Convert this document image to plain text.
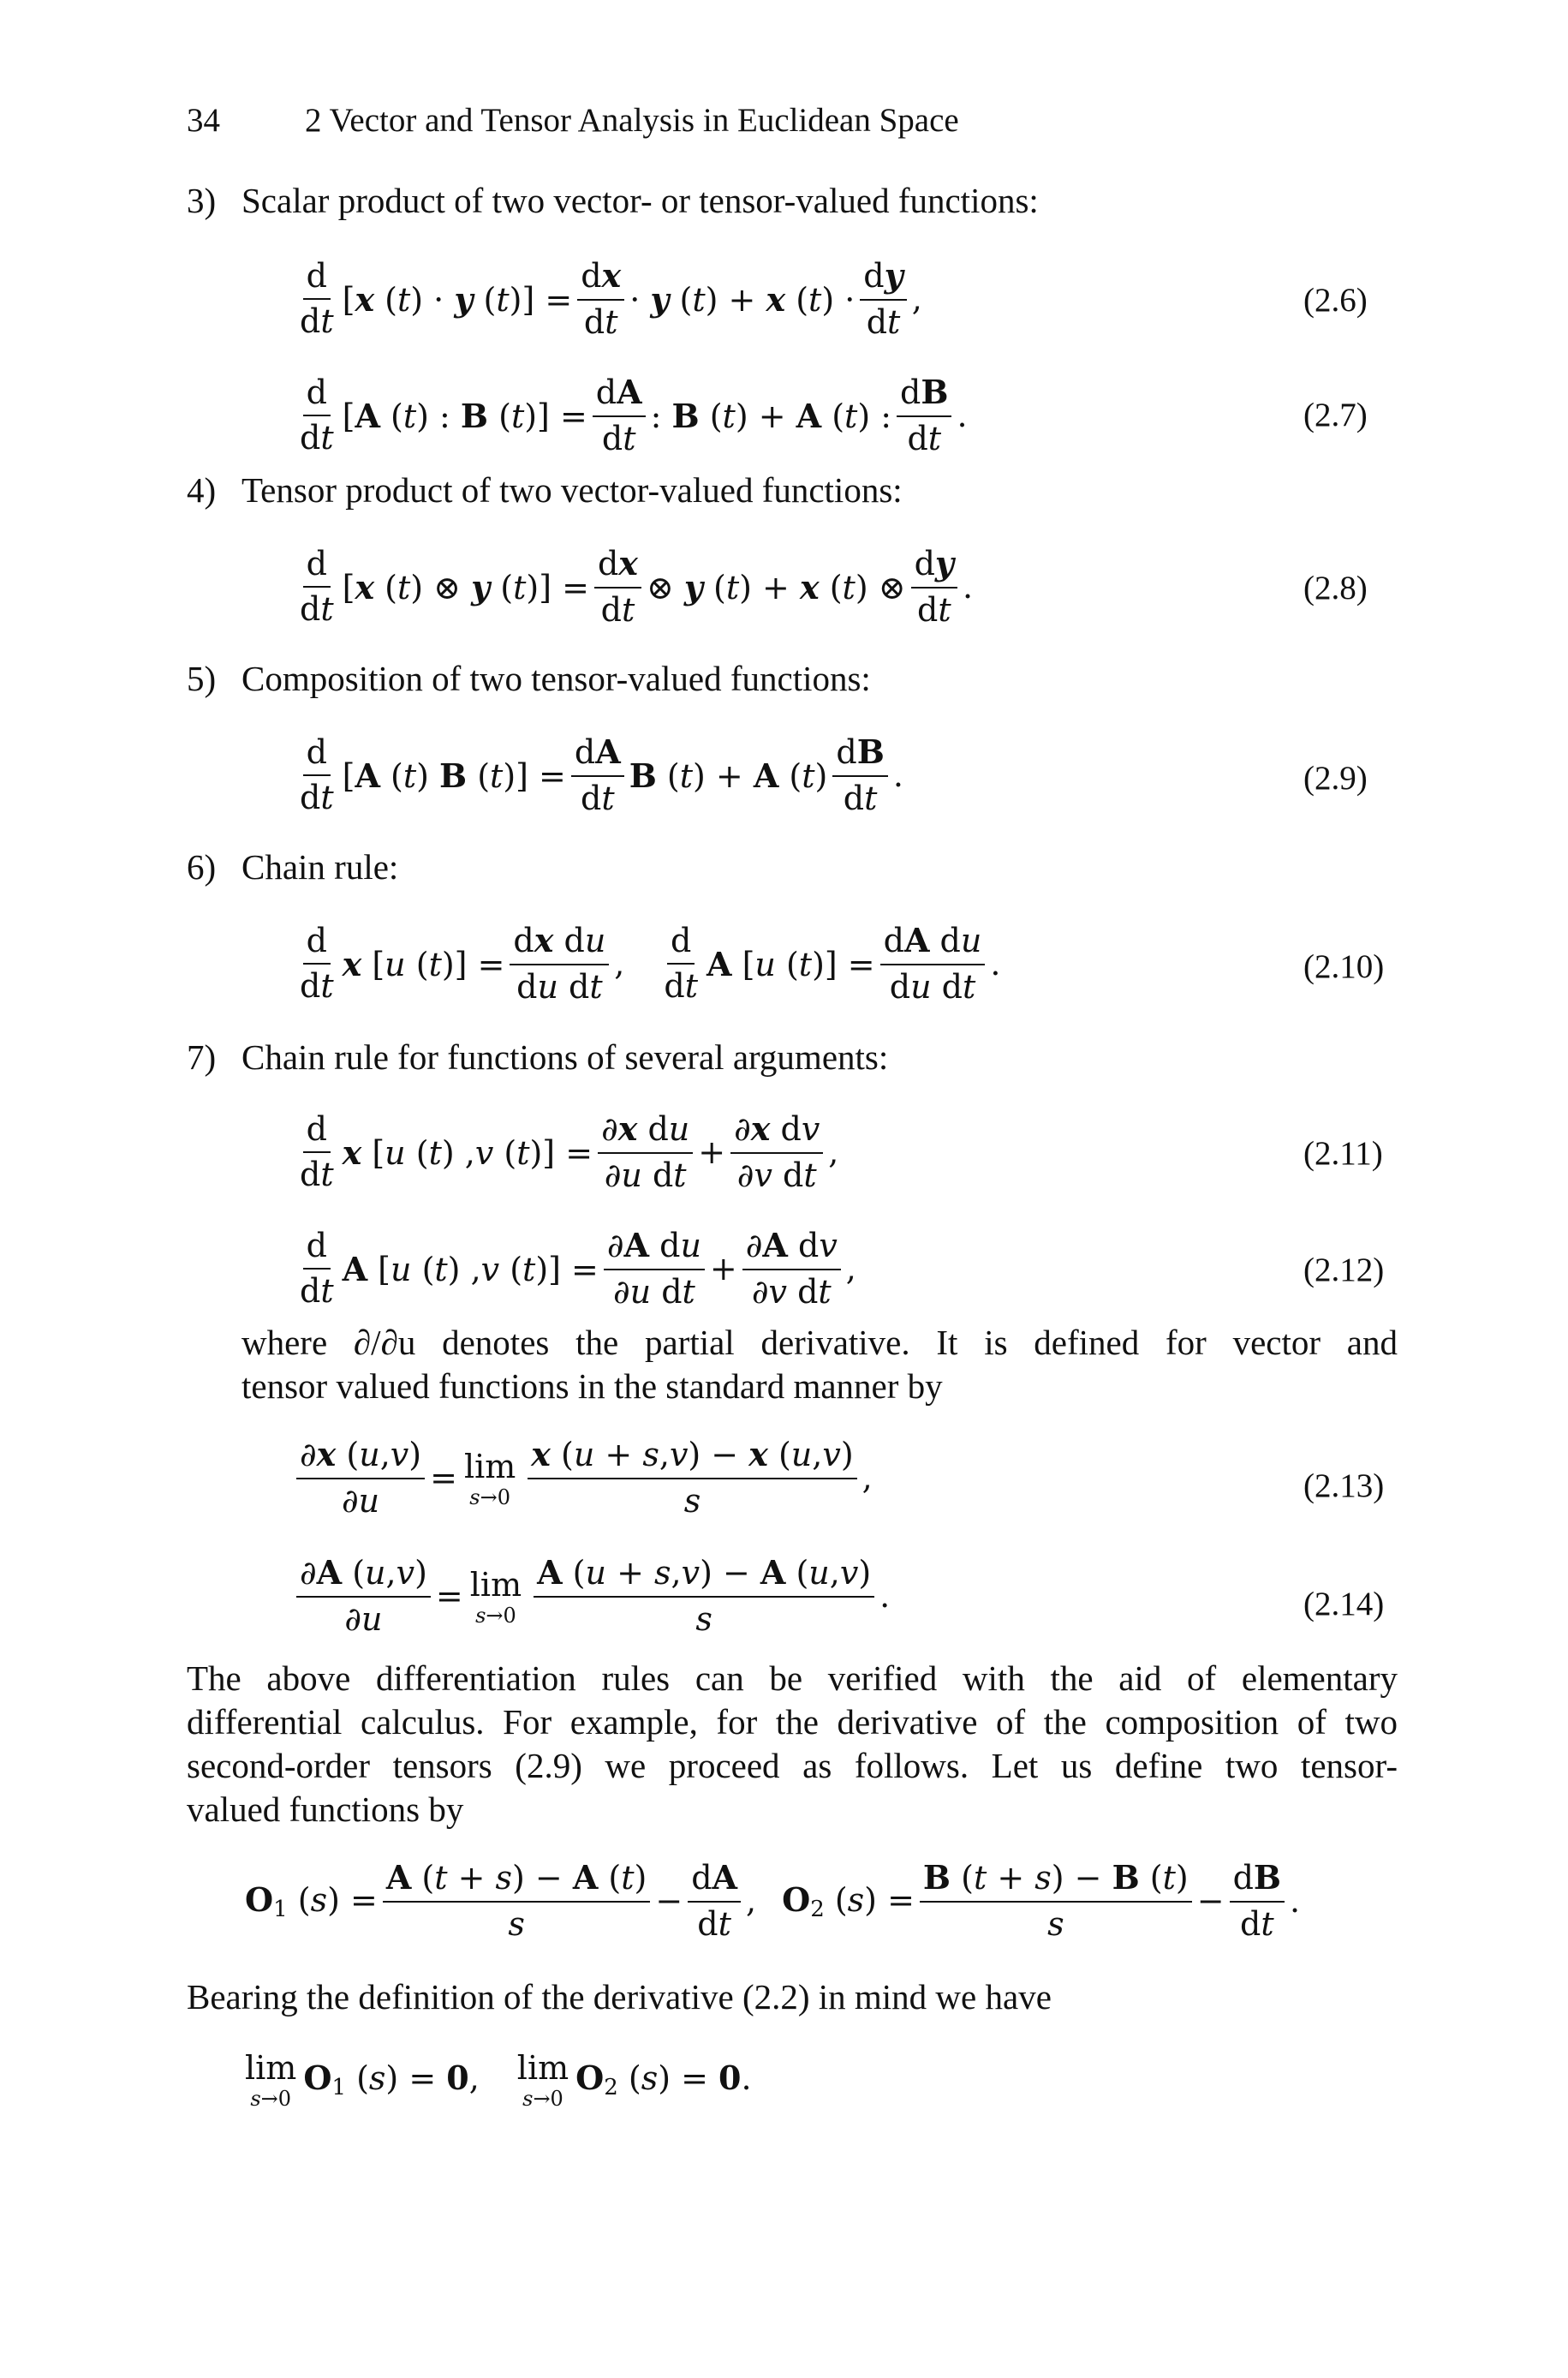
34	2 Vector and Tensor Analysis in Euclidean Space
3) Scalar product of two vector- or tensor-valued functions:
$\frac{d}{dt} [x$ (t) · y $(t)] = \frac{dx}{dt} \cdot y$ (t) + x $(t) \cdot \frac{dy}{dt}$ ,	(2.6)
$\frac{d}{dt} [A$ (t) : B $(t)] = \frac{dA}{dt}$ : B (t) + A (t) : $\frac{dB}{dt}$ .	(2.7)
4) Tensor product of two vector-valued functions:
$\frac{d}{dt} [x$ (t) ⊗ y $(t)] = \frac{dx}{dt}$ ⊗ y (t) + x (t) ⊗ $\frac{dy}{dt}$ .	(2.8)
5) Composition of two tensor-valued functions:
$\frac{d}{dt} [A$ (t) B $(t)] = \frac{dA}{dt}$ B (t) + A $(t) \frac{dB}{dt}$ .	(2.9)
6) Chain rule:
$\frac{d}{dt}$ x [u $(t)] = \frac{\text{dx du}}{\text{du dt}}$ , $\frac{d}{dt}$ A [u $(t)] = \frac{\text{dA du}}{\text{du dt}}$ .	(2.10)
7) Chain rule for functions of several arguments:
$\frac{d}{dt}$ x [u (t) ,v $(t)] = \frac{\text{∂x du}}{\text{∂u dt}} + \frac{\text{∂x dv}}{\text{∂v dt}}$ ,	(2.11)
$\frac{d}{dt}$ A [u (t) ,v $(t)] = \frac{\text{∂A du}}{\text{∂u dt}} + \frac{\text{∂A dv}}{\text{∂v dt}}$ ,	(2.12)
where ∂/∂u denotes the partial derivative. It is defined for vector and
tensor valued functions in the standard manner by
$\frac{\partial x (u,v)}{\partial u} = \lim$
$s\to 0 \frac{x (u + s,v) - x (u,v)}{s}$ ,	(2.13)
$\frac{\partial A (u,v)}{\partial u} = \lim$
$s\to 0 \frac{A (u + s,v) - A (u,v)}{s}$ .	(2.14)
The above differentiation rules can be verified with the aid of elementary
differential calculus. For example, for the derivative of the composition of two
second-order tensors (2.9) we proceed as follows. Let us define two tensor-
valued functions by
O1 $(s) = \frac{A (t + s) - A (t)}{s} - \frac{dA}{dt}$ , O2 $(s) = \frac{B (t + s) - B (t)}{s} - \frac{dB}{dt}$ .
Bearing the definition of the derivative (2.2) in mind we have
lim
s→0
O1 (s) = 0, lim
s→0
O2 (s) = 0.
